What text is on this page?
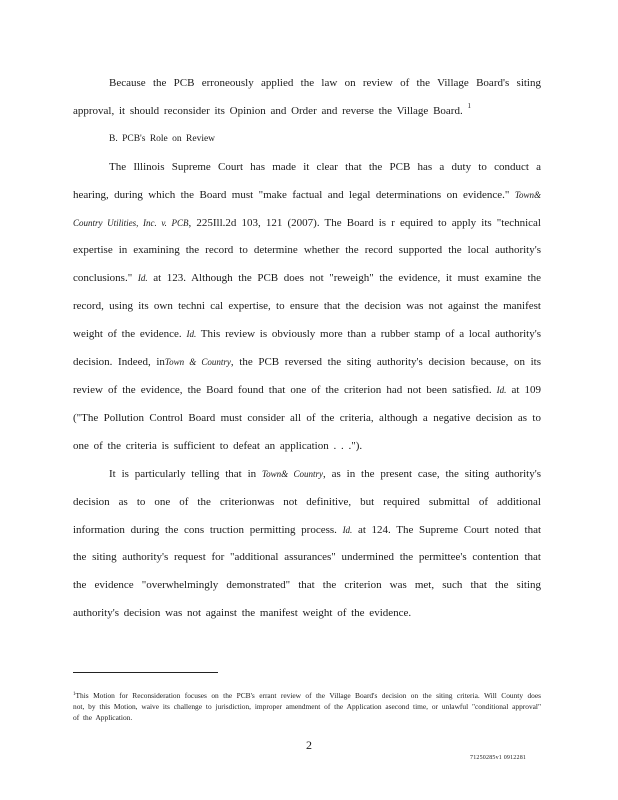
Because the PCB erroneously applied the law on review of the Village Board's siting approval, it should reconsider its Opinion and Order and reverse the Village Board. $^1$

B. PCB's Role on Review

The Illinois Supreme Court has made it clear that the PCB has a duty to conduct a hearing, during which the Board must "make factual and legal determinations on evidence." Town& Country Utilities, Inc. v. PCB, 225Ill.2d 103, 121 (2007). The Board is r equired to apply its "technical expertise in examining the record to determine whether the record supported the local authority's conclusions." Id. at 123. Although the PCB does not "reweigh" the evidence, it must examine the record, using its own techni cal expertise, to ensure that the decision was not against the manifest weight of the evidence. Id. This review is obviously more than a rubber stamp of a local authority's decision. Indeed, inTown & Country, the PCB reversed the siting authority's decision because, on its review of the evidence, the Board found that one of the criterion had not been satisfied. Id. at 109 ("The Pollution Control Board must consider all of the criteria, although a negative decision as to one of the criteria is sufficient to defeat an application . . .").

It is particularly telling that in Town& Country, as in the present case, the siting authority's decision as to one of the criterionwas not definitive, but required submittal of additional information during the cons truction permitting process. Id. at 124. The Supreme Court noted that the siting authority's request for "additional assurances" undermined the permittee's contention that the evidence "overwhelmingly demonstrated" that the criterion was met, such that the siting authority's decision was not against the manifest weight of the evidence.

$^1$This Motion for Reconsideration focuses on the PCB's errant review of the Village Board's decision on the siting criteria. Will County does not, by this Motion, waive its challenge to jurisdiction, improper amendment of the Application asecond time, or unlawful "conditional approval" of the Application.
2
71250285v1 0912281
